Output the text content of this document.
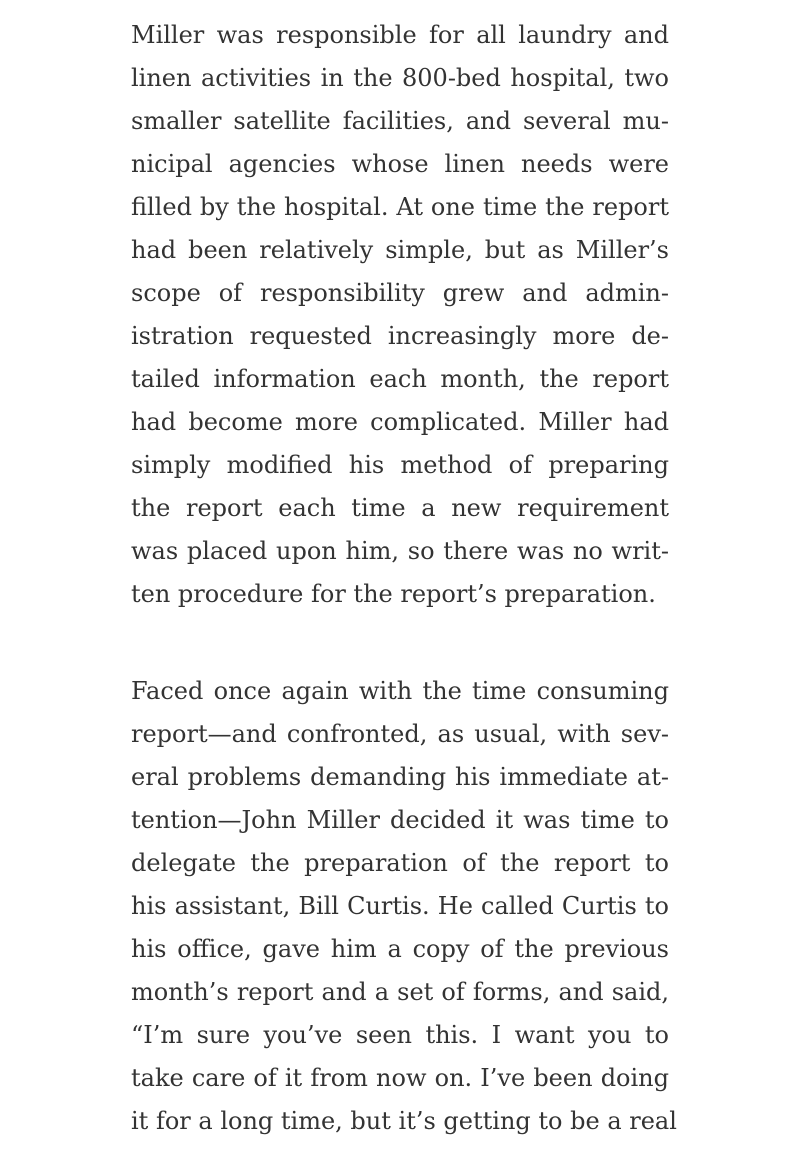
Miller was responsible for all laundry and
linen activities in the 800-bed hospital, two
smaller satellite facilities, and several mu-
nicipal agencies whose linen needs were
filled by the hospital. At one time the report
had been relatively simple, but as Miller’s
scope of responsibility grew and admin-
istration requested increasingly more de-
tailed information each month, the report
had become more complicated. Miller had
simply modified his method of preparing
the report each time a new requirement
was placed upon him, so there was no writ-
ten procedure for the report’s preparation.
Faced once again with the time consuming
report—and confronted, as usual, with sev-
eral problems demanding his immediate at-
tention—John Miller decided it was time to
delegate the preparation of the report to
his assistant, Bill Curtis. He called Curtis to
his office, gave him a copy of the previous
month’s report and a set of forms, and said,
“I’m sure you’ve seen this. I want you to
take care of it from now on. I’ve been doing
it for a long time, but it’s getting to be a real
